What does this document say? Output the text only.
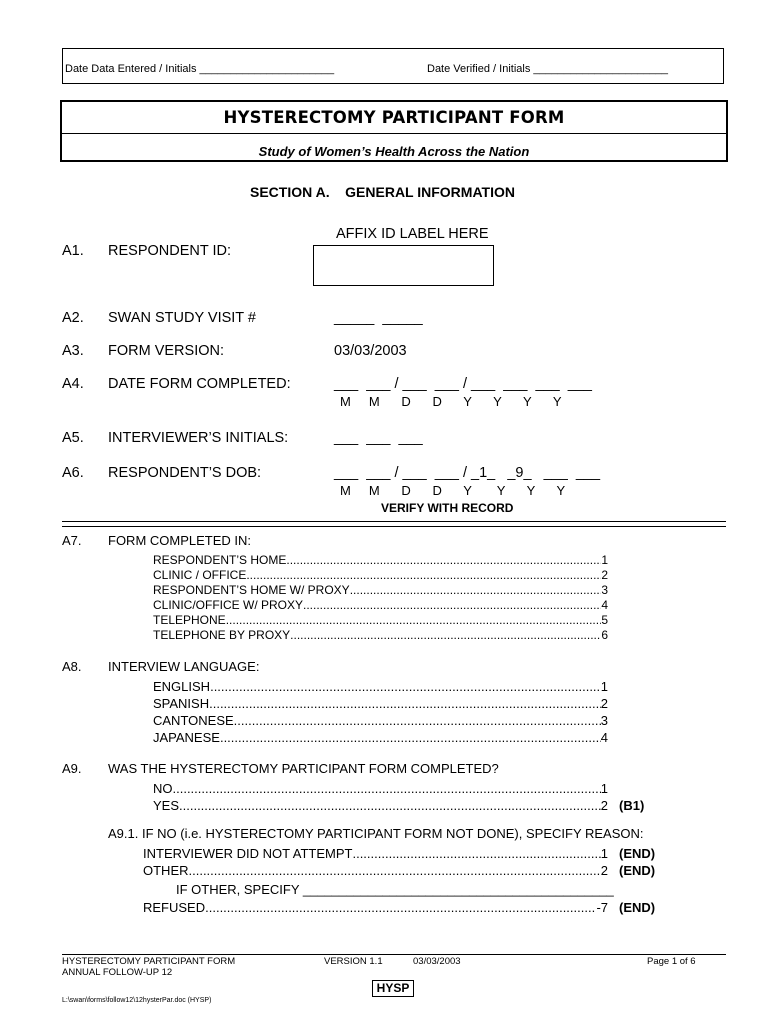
Date Data Entered / Initials ______________________	Date Verified / Initials ______________________
HYSTERECTOMY PARTICIPANT FORM
Study of Women’s Health Across the Nation
SECTION A.    GENERAL INFORMATION
AFFIX ID LABEL HERE
A1. RESPONDENT ID:
A2. SWAN STUDY VISIT #	_____  _____
A3. FORM VERSION:	03/03/2003
A4. DATE FORM COMPLETED:	___  ___ / ___  ___ / ___  ___  ___  ___
M     M      D      D      Y      Y      Y      Y
A5. INTERVIEWER’S INITIALS:	___  ___  ___
A6. RESPONDENT’S DOB:	___  ___ / ___  ___ / _1_   _9_   ___  ___
M     M      D      D      Y       Y      Y      Y
VERIFY WITH RECORD
A7. FORM COMPLETED IN:
RESPONDENT’S HOME .....	1
CLINIC / OFFICE .....	2
RESPONDENT’S HOME W/ PROXY .....	3
CLINIC/OFFICE W/ PROXY .....	4
TELEPHONE .....	5
TELEPHONE BY PROXY .....	6
A8. INTERVIEW LANGUAGE:
ENGLISH .....	1
SPANISH .....	2
CANTONESE .....	3
JAPANESE .....	4
A9. WAS THE HYSTERECTOMY PARTICIPANT FORM COMPLETED?
NO .....	1
YES .....	2 (B1)
A9.1. IF NO (i.e. HYSTERECTOMY PARTICIPANT FORM NOT DONE), SPECIFY REASON:
INTERVIEWER DID NOT ATTEMPT .....	1 (END)
OTHER .....	2 (END)
IF OTHER, SPECIFY ___________________________________________
REFUSED .....	-7 (END)
HYSTERECTOMY PARTICIPANT FORM
ANNUAL FOLLOW-UP 12
VERSION 1.1	03/03/2003	Page 1 of 6
HYSP
L:\swan\forms\follow12\12hysterPar.doc (HYSP)
